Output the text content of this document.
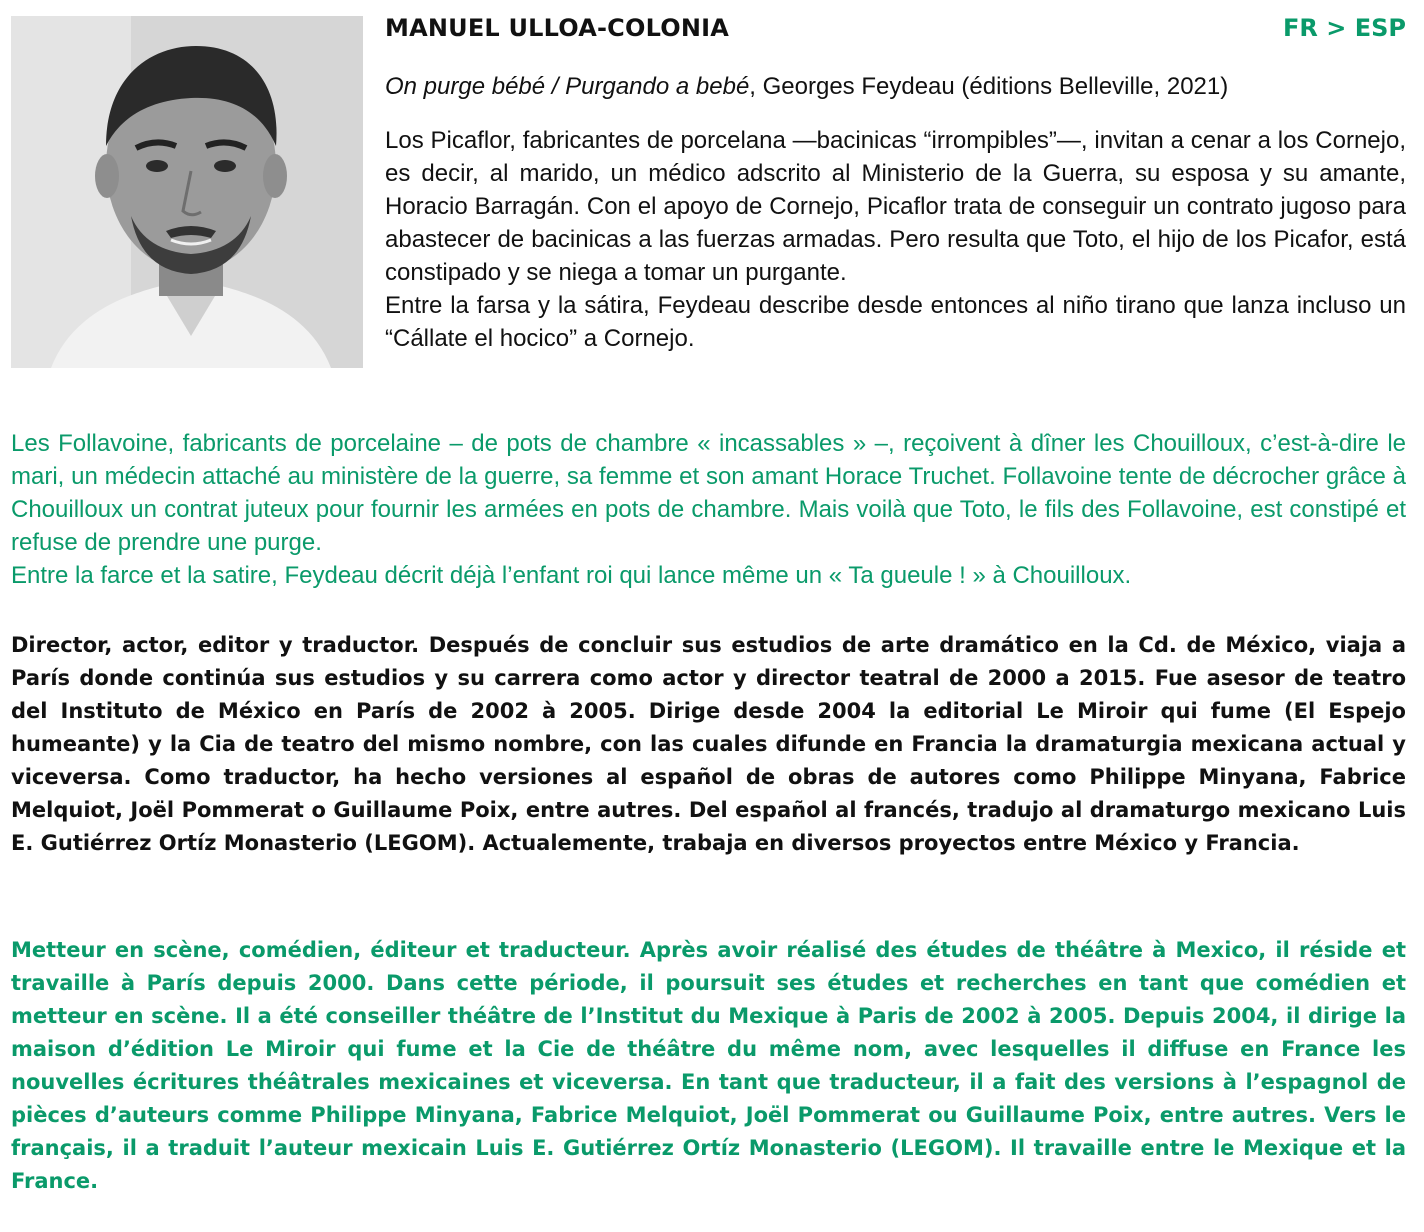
MANUEL ULLOA-COLONIA	FR > ESP
On purge bébé / Purgando a bebé, Georges Feydeau (éditions Belleville, 2021)

Los Picaflor, fabricantes de porcelana —bacinicas “irrompibles”—, invitan a cenar a los Cornejo, es decir, al marido, un médico adscrito al Ministerio de la Guerra, su esposa y su amante, Horacio Barragán. Con el apoyo de Cornejo, Picaflor trata de conseguir un contrato jugoso para abastecer de bacinicas a las fuerzas armadas. Pero resulta que Toto, el hijo de los Picafor, está constipado y se niega a tomar un purgante.

Entre la farsa y la sátira, Feydeau describe desde entonces al niño tirano que lanza incluso un “Cállate el hocico” a Cornejo.

Les Follavoine, fabricants de porcelaine – de pots de chambre « incassables » –, reçoivent à dîner les Chouilloux, c’est-à-dire le mari, un médecin attaché au ministère de la guerre, sa femme et son amant Horace Truchet. Follavoine tente de décrocher grâce à Chouilloux un contrat juteux pour fournir les armées en pots de chambre. Mais voilà que Toto, le fils des Follavoine, est constipé et refuse de prendre une purge.

Entre la farce et la satire, Feydeau décrit déjà l’enfant roi qui lance même un « Ta gueule ! » à Chouilloux.

Director, actor, editor y traductor. Después de concluir sus estudios de arte dramático en la Cd. de México, viaja a París donde continúa sus estudios y su carrera como actor y director teatral de 2000 a 2015. Fue asesor de teatro del Instituto de México en París de 2002 à 2005. Dirige desde 2004 la editorial Le Miroir qui fume (El Espejo humeante) y la Cia de teatro del mismo nombre, con las cuales difunde en Francia la dramaturgia mexicana actual y viceversa. Como traductor, ha hecho versiones al español de obras de autores como Philippe Minyana, Fabrice Melquiot, Joël Pommerat o Guillaume Poix, entre autres. Del español al francés, tradujo al dramaturgo mexicano Luis E. Gutiérrez Ortíz Monasterio (LEGOM). Actualemente, trabaja en diversos proyectos entre México y Francia.

Metteur en scène, comédien, éditeur et traducteur. Après avoir réalisé des études de théâtre à Mexico, il réside et travaille à París depuis 2000. Dans cette période, il poursuit ses études et recherches en tant que comédien et metteur en scène. Il a été conseiller théâtre de l’Institut du Mexique à Paris de 2002 à 2005. Depuis 2004, il dirige la maison d’édition Le Miroir qui fume et la Cie de théâtre du même nom, avec lesquelles il diffuse en France les nouvelles écritures théâtrales mexicaines et viceversa. En tant que traducteur, il a fait des versions à l’espagnol de pièces d’auteurs comme Philippe Minyana, Fabrice Melquiot, Joël Pommerat ou Guillaume Poix, entre autres. Vers le français, il a traduit l’auteur mexicain Luis E. Gutiérrez Ortíz Monasterio (LEGOM). Il travaille entre le Mexique et la France.
